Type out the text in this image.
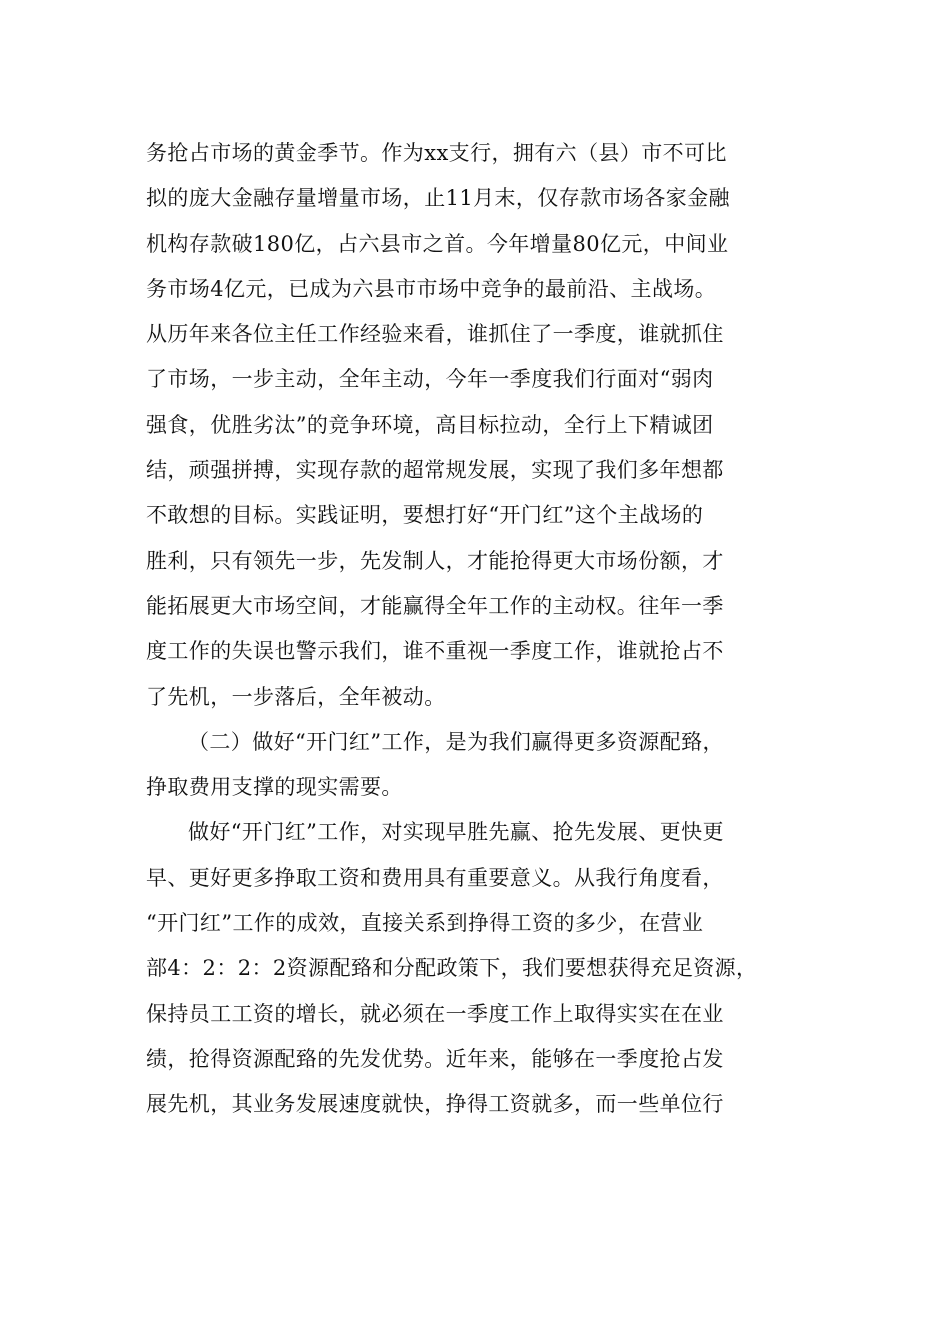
务抢占市场的黄金季节。作为xx支行，拥有六（县）市不可比
拟的庞大金融存量增量市场，止11月末，仅存款市场各家金融
机构存款破180亿，占六县市之首。今年增量80亿元，中间业
务市场4亿元，已成为六县市市场中竞争的最前沿、主战场。
从历年来各位主任工作经验来看，谁抓住了一季度，谁就抓住
了市场，一步主动，全年主动，今年一季度我们行面对“弱肉
强食，优胜劣汰”的竞争环境，高目标拉动，全行上下精诚团
结，顽强拼搏，实现存款的超常规发展，实现了我们多年想都
不敢想的目标。实践证明，要想打好“开门红”这个主战场的
胜利，只有领先一步，先发制人，才能抢得更大市场份额，才
能拓展更大市场空间，才能赢得全年工作的主动权。往年一季
度工作的失误也警示我们，谁不重视一季度工作，谁就抢占不
了先机，一步落后，全年被动。
（二）做好“开门红”工作，是为我们赢得更多资源配臵，
挣取费用支撑的现实需要。
做好“开门红”工作，对实现早胜先赢、抢先发展、更快更
早、更好更多挣取工资和费用具有重要意义。从我行角度看，
“开门红”工作的成效，直接关系到挣得工资的多少，在营业
部4：2：2：2资源配臵和分配政策下，我们要想获得充足资源，
保持员工工资的增长，就必须在一季度工作上取得实实在在业
绩，抢得资源配臵的先发优势。近年来，能够在一季度抢占发
展先机，其业务发展速度就快，挣得工资就多，而一些单位行
